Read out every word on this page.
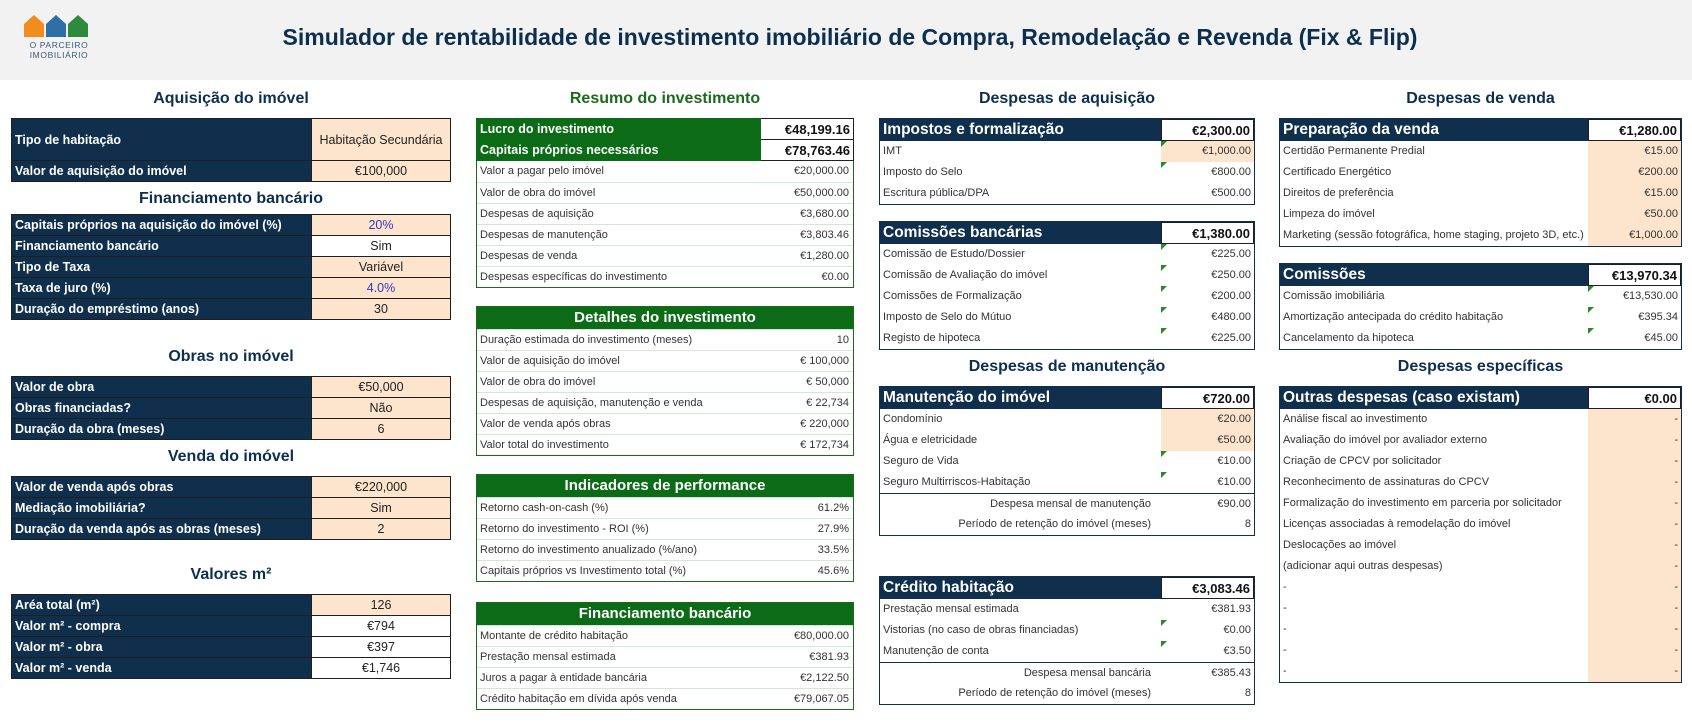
O PARCEIRO
IMOBILIÁRIO
Simulador de rentabilidade de investimento imobiliário de Compra, Remodelação e Revenda (Fix & Flip)
Aquisição do imóvel
Tipo de habitação	Habitação Secundária
Valor de aquisição do imóvel	€100,000
Financiamento bancário
Capitais próprios na aquisição do imóvel (%)	20%
Financiamento bancário	Sim
Tipo de Taxa	Variável
Taxa de juro (%)	4.0%
Duração do empréstimo (anos)	30
Obras no imóvel
Valor de obra	€50,000
Obras financiadas?	Não
Duração da obra (meses)	6
Venda do imóvel
Valor de venda após obras	€220,000
Mediação imobiliária?	Sim
Duração da venda após as obras (meses)	2
Valores m²
Aréa total (m²)	126
Valor m² - compra	€794
Valor m² - obra	€397
Valor m² - venda	€1,746
Resumo do investimento
Lucro do investimento	€48,199.16
Capitais próprios necessários	€78,763.46
Valor a pagar pelo imóvel	€20,000.00
Valor de obra do imóvel	€50,000.00
Despesas de aquisição	€3,680.00
Despesas de manutenção	€3,803.46
Despesas de venda	€1,280.00
Despesas específicas do investimento	€0.00
Detalhes do investimento
Duração estimada do investimento (meses)	10
Valor de aquisição do imóvel	€ 100,000
Valor de obra do imóvel	€ 50,000
Despesas de aquisição, manutenção e venda	€ 22,734
Valor de venda após obras	€ 220,000
Valor total do investimento	€ 172,734
Indicadores de performance
Retorno cash-on-cash (%)	61.2%
Retorno do investimento - ROI (%)	27.9%
Retorno do investimento anualizado (%/ano)	33.5%
Capitais próprios vs Investimento total (%)	45.6%
Financiamento bancário
Montante de crédito habitação	€80,000.00
Prestação mensal estimada	€381.93
Juros a pagar à entidade bancária	€2,122.50
Crédito habitação em dívida após venda	€79,067.05
Despesas de aquisição
Impostos e formalização	€2,300.00
IMT	€1,000.00
Imposto do Selo	€800.00
Escritura pública/DPA	€500.00
Comissões bancárias	€1,380.00
Comissão de Estudo/Dossier	€225.00
Comissão de Avaliação do imóvel	€250.00
Comissões de Formalização	€200.00
Imposto de Selo do Mútuo	€480.00
Registo de hipoteca	€225.00
Despesas de manutenção
Manutenção do imóvel	€720.00
Condomínio	€20.00
Água e eletricidade	€50.00
Seguro de Vida	€10.00
Seguro Multirriscos-Habitação	€10.00
Despesa mensal de manutenção	€90.00
Período de retenção do imóvel (meses)	8
Crédito habitação	€3,083.46
Prestação mensal estimada	€381.93
Vistorias (no caso de obras financiadas)	€0.00
Manutenção de conta	€3.50
Despesa mensal bancária	€385.43
Período de retenção do imóvel (meses)	8
Despesas de venda
Preparação da venda	€1,280.00
Certidão Permanente Predial	€15.00
Certificado Energético	€200.00
Direitos de preferência	€15.00
Limpeza do imóvel	€50.00
Marketing (sessão fotográfica, home staging, projeto 3D, etc.)	€1,000.00
Comissões	€13,970.34
Comissão imobiliária	€13,530.00
Amortização antecipada do crédito habitação	€395.34
Cancelamento da hipoteca	€45.00
Despesas específicas
Outras despesas (caso existam)	€0.00
Análise fiscal ao investimento	-
Avaliação do imóvel por avaliador externo	-
Criação de CPCV por solicitador	-
Reconhecimento de assinaturas do CPCV	-
Formalização do investimento em parceria por solicitador	-
Licenças associadas à remodelação do imóvel	-
Deslocações ao imóvel	-
(adicionar aqui outras despesas)	-
-	-
-	-
-	-
-	-
-	-
